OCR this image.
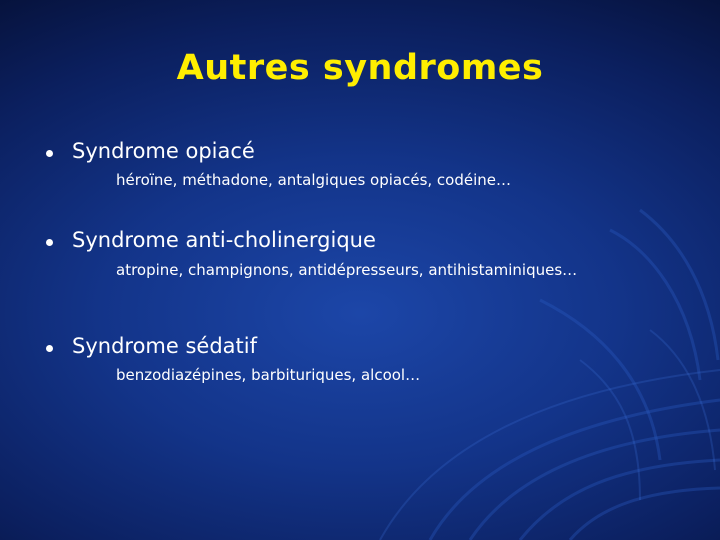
Autres syndromes
Syndrome opiacé
héroïne, méthadone, antalgiques opiacés, codéine…
Syndrome anti-cholinergique
atropine, champignons, antidépresseurs, antihistaminiques…
Syndrome sédatif
benzodiazépines, barbituriques, alcool…
